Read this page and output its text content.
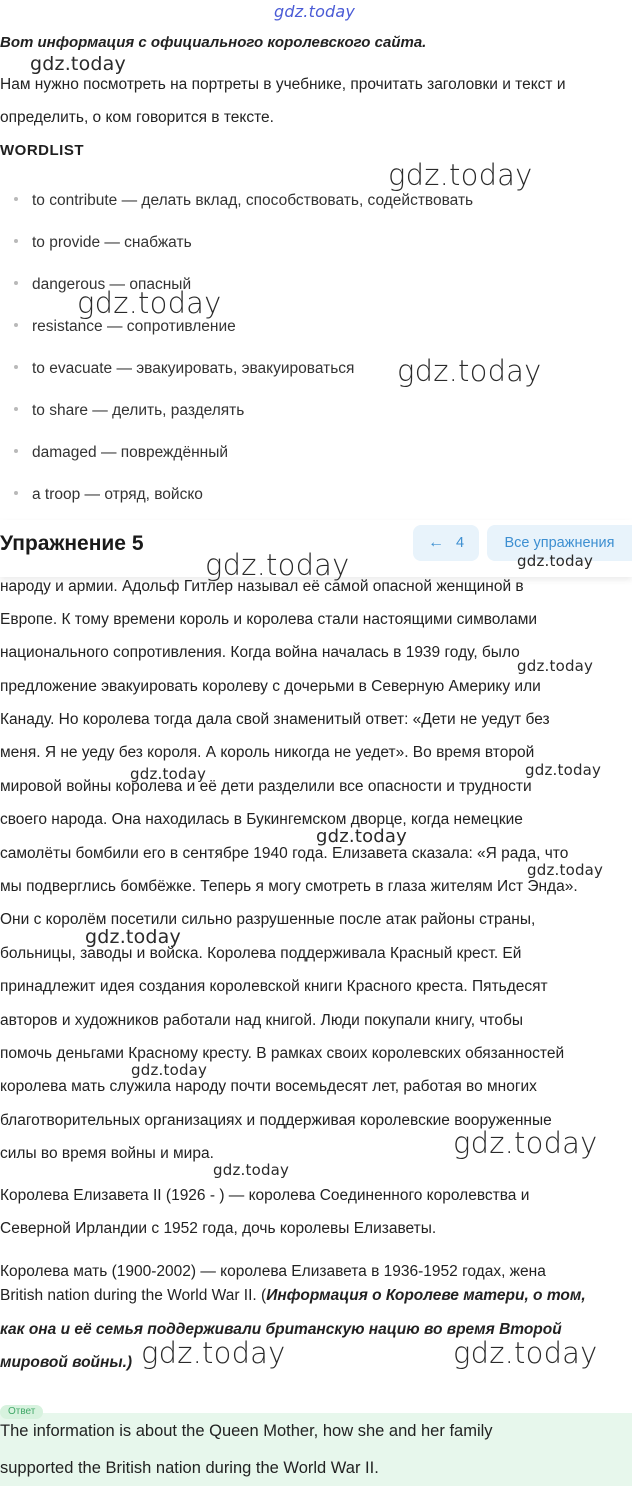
gdz.today
Вот информация с официального королевского сайта.
gdz.today
Нам нужно посмотреть на портреты в учебнике, прочитать заголовки и текст и
определить, о ком говорится в тексте.
WORDLIST
to contribute — делать вклад, способствовать, содействовать
to provide — снабжать
dangerous — опасный
resistance — сопротивление
to evacuate — эвакуировать, эвакуироваться
to share — делить, разделять
damaged — повреждённый
a troop — отряд, войско
gdz.today
gdz.today
gdz.today
Упражнение 5	← 4	Все упражнения
gdz.today	gdz.today
народу и армии. Адольф Гитлер называл её самой опасной женщиной в
Европе. К тому времени король и королева стали настоящими символами
национального сопротивления. Когда война началась в 1939 году, было
предложение эвакуировать королеву с дочерьми в Северную Америку или
Канаду. Но королева тогда дала свой знаменитый ответ: «Дети не уедут без
меня. Я не уеду без короля. А король никогда не уедет». Во время второй
мировой войны королева и её дети разделили все опасности и трудности
своего народа. Она находилась в Букингемском дворце, когда немецкие
самолёты бомбили его в сентябре 1940 года. Елизавета сказала: «Я рада, что
мы подверглись бомбёжке. Теперь я могу смотреть в глаза жителям Ист Энда».
Они с королём посетили сильно разрушенные после атак районы страны,
больницы, заводы и войска. Королева поддерживала Красный крест. Ей
принадлежит идея создания королевской книги Красного креста. Пятьдесят
авторов и художников работали над книгой. Люди покупали книгу, чтобы
помочь деньгами Красному кресту. В рамках своих королевских обязанностей
королева мать служила народу почти восемьдесят лет, работая во многих
благотворительных организациях и поддерживая королевские вооруженные
силы во время войны и мира.
gdz.today
gdz.today	gdz.today
gdz.today
gdz.today
gdz.today
gdz.today
gdz.today
gdz.today
Королева Елизавета II (1926 - ) — королева Соединенного королевства и
Северной Ирландии с 1952 года, дочь королевы Елизаветы.
Королева мать (1900-2002) — королева Елизавета в 1936-1952 годах, жена
British nation during the World War II. (Информация о Королеве матери, о том,
как она и её семья поддерживали британскую нацию во время Второй
мировой войны.) gdz.today	gdz.today
Ответ
The information is about the Queen Mother, how she and her family
supported the British nation during the World War II.
